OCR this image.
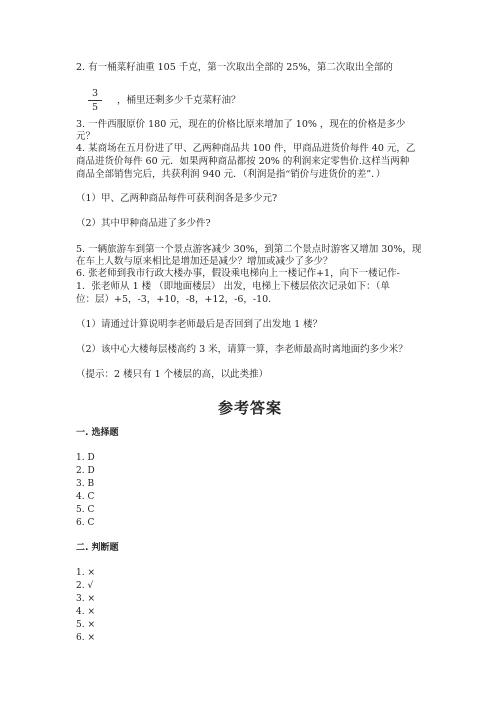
2. 有一桶菜籽油重 105 千克，第一次取出全部的 25%，第二次取出全部的
$\frac{3}{5}$ ，桶里还剩多少千克菜籽油？
3. 一件西服原价 180 元，现在的价格比原来增加了 10% ，现在的价格是多少
元？
4. 某商场在五月份进了甲、乙两种商品共 100 件，甲商品进货价每件 40 元，乙
商品进货价每件 60 元．如果两种商品都按 20% 的利润来定零售价.这样当两种
商品全部销售完后，共获利润 940 元．（利润是指“销价与进货价的差”．）
（1）甲、乙两种商品每件可获利润各是多少元?
（2）其中甲种商品进了多少件?
5. 一辆旅游车到第一个景点游客减少 30%，到第二个景点时游客又增加 30%，现
在车上人数与原来相比是增加还是减少？增加或减少了多少？
6. 张老师到我市行政大楼办事，假设乘电梯向上一楼记作+1，向下一楼记作-
1．张老师从 1 楼 （即地面楼层） 出发，电梯上下楼层依次记录如下：（单
位：层）+5，-3，+10，-8，+12，-6，-10.
（1）请通过计算说明李老师最后是否回到了出发地 1 楼？
（2）该中心大楼每层楼高约 3 米，请算一算，李老师最高时离地面约多少米？
（提示：2 楼只有 1 个楼层的高，以此类推）
参考答案
一. 选择题
1. D
2. D
3. B
4. C
5. C
6. C
二. 判断题
1. ×
2. √
3. ×
4. ×
5. ×
6. ×
